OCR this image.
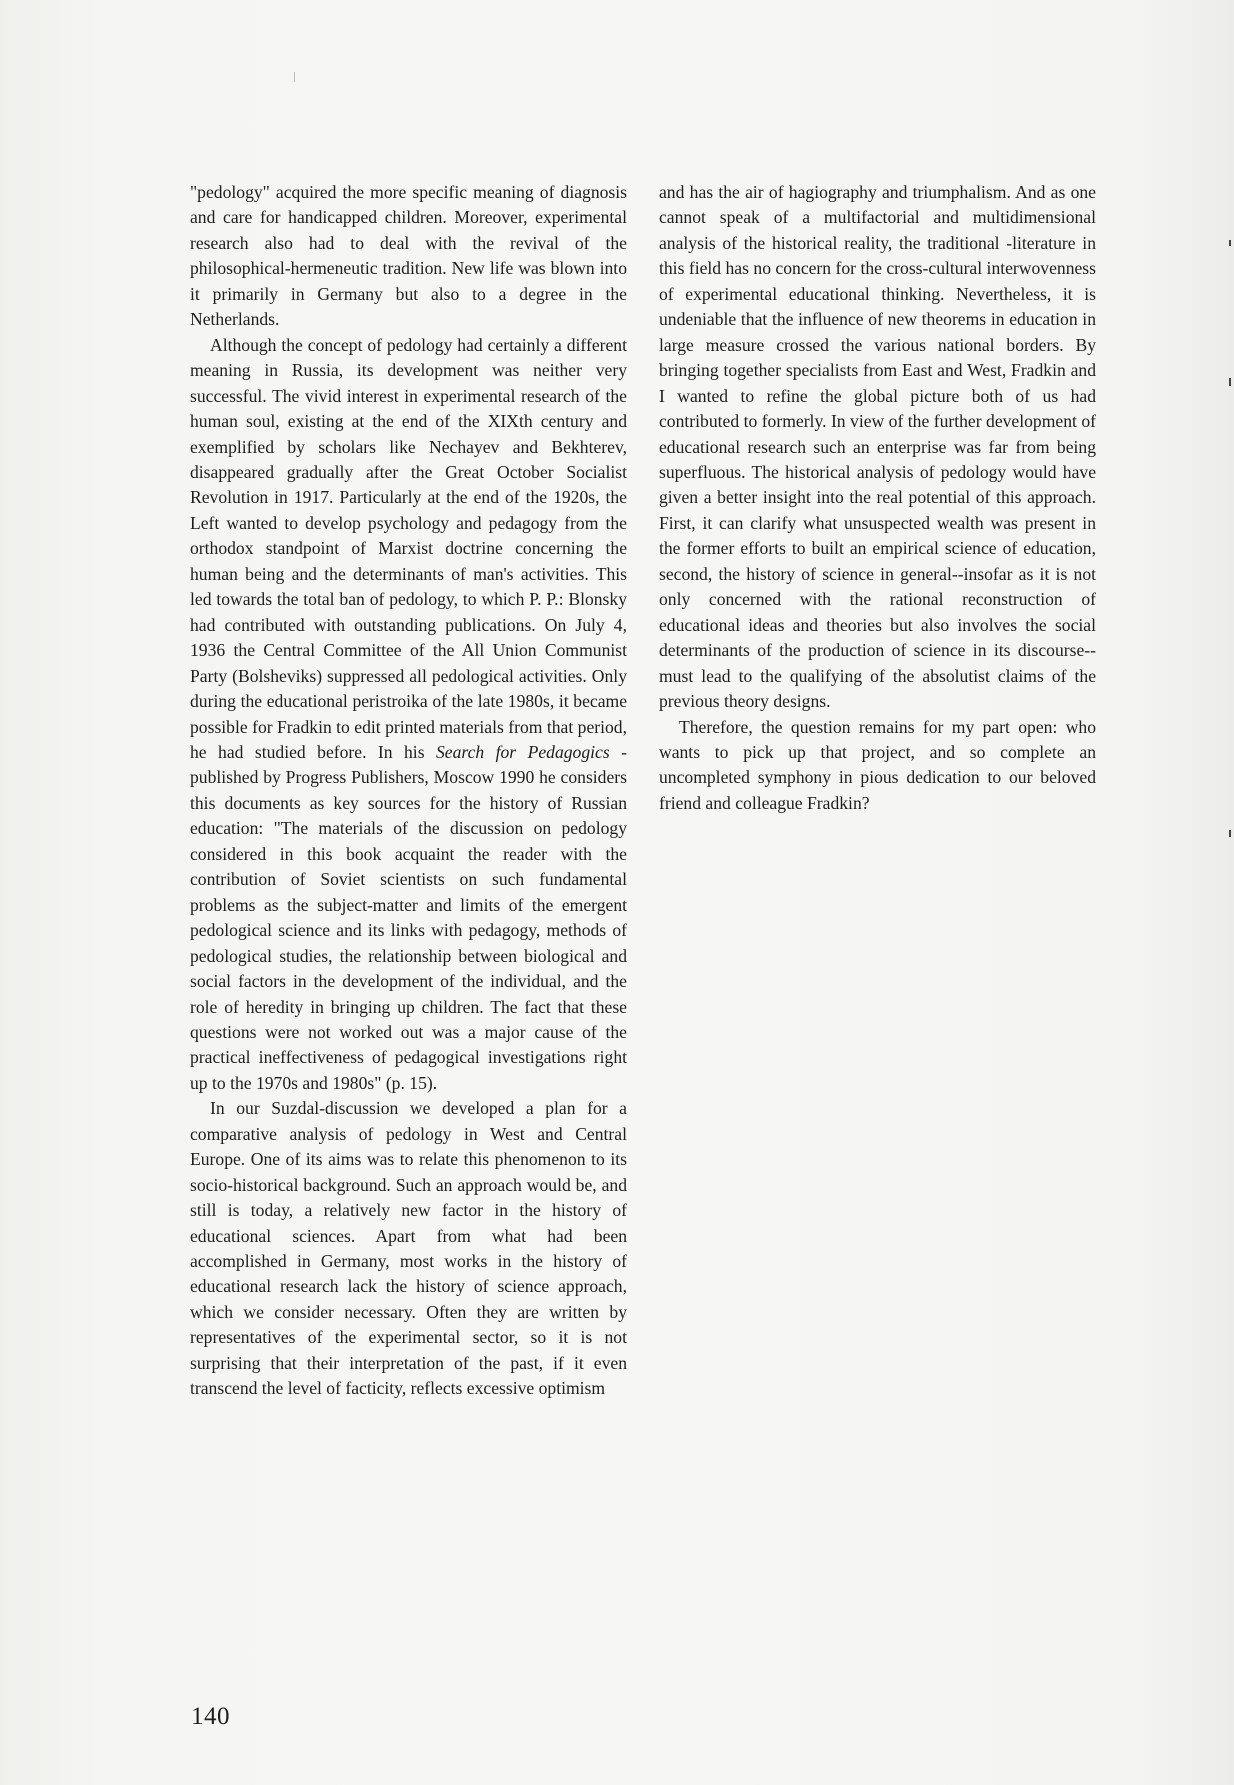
"pedology" acquired the more specific meaning of diagnosis and care for handicapped children. Moreover, experimental research also had to deal with the revival of the philosophical-hermeneutic tradition. New life was blown into it primarily in Germany but also to a degree in the Netherlands.

Although the concept of pedology had certainly a different meaning in Russia, its development was neither very successful. The vivid interest in experimental research of the human soul, existing at the end of the XIXth century and exemplified by scholars like Nechayev and Bekhterev, disappeared gradually after the Great October Socialist Revolution in 1917. Particularly at the end of the 1920s, the Left wanted to develop psychology and pedagogy from the orthodox standpoint of Marxist doctrine concerning the human being and the determinants of man's activities. This led towards the total ban of pedology, to which P. P.: Blonsky had contributed with outstanding publications. On July 4, 1936 the Central Committee of the All Union Communist Party (Bolsheviks) suppressed all pedological activities. Only during the educational peristroika of the late 1980s, it became possible for Fradkin to edit printed materials from that period, he had studied before. In his Search for Pedagogics - published by Progress Publishers, Moscow 1990 he considers this documents as key sources for the history of Russian education: "The materials of the discussion on pedology considered in this book acquaint the reader with the contribution of Soviet scientists on such fundamental problems as the subject-matter and limits of the emergent pedological science and its links with pedagogy, methods of pedological studies, the relationship between biological and social factors in the development of the individual, and the role of heredity in bringing up children. The fact that these questions were not worked out was a major cause of the practical ineffectiveness of pedagogical investigations right up to the 1970s and 1980s" (p. 15).

In our Suzdal-discussion we developed a plan for a comparative analysis of pedology in West and Central Europe. One of its aims was to relate this phenomenon to its socio-historical background. Such an approach would be, and still is today, a relatively new factor in the history of educational sciences. Apart from what had been accomplished in Germany, most works in the history of educational research lack the history of science approach, which we consider necessary. Often they are written by representatives of the experimental sector, so it is not surprising that their interpretation of the past, if it even transcend the level of facticity, reflects excessive optimism

and has the air of hagiography and triumphalism. And as one cannot speak of a multifactorial and multidimensional analysis of the historical reality, the traditional -literature in this field has no concern for the cross-cultural interwovenness of experimental educational thinking. Nevertheless, it is undeniable that the influence of new theorems in education in large measure crossed the various national borders. By bringing together specialists from East and West, Fradkin and I wanted to refine the global picture both of us had contributed to formerly. In view of the further development of educational research such an enterprise was far from being superfluous. The historical analysis of pedology would have given a better insight into the real potential of this approach. First, it can clarify what unsuspected wealth was present in the former efforts to built an empirical science of education, second, the history of science in general--insofar as it is not only concerned with the rational reconstruction of educational ideas and theories but also involves the social determinants of the production of science in its discourse--must lead to the qualifying of the absolutist claims of the previous theory designs.

Therefore, the question remains for my part open: who wants to pick up that project, and so complete an uncompleted symphony in pious dedication to our beloved friend and colleague Fradkin?

140
